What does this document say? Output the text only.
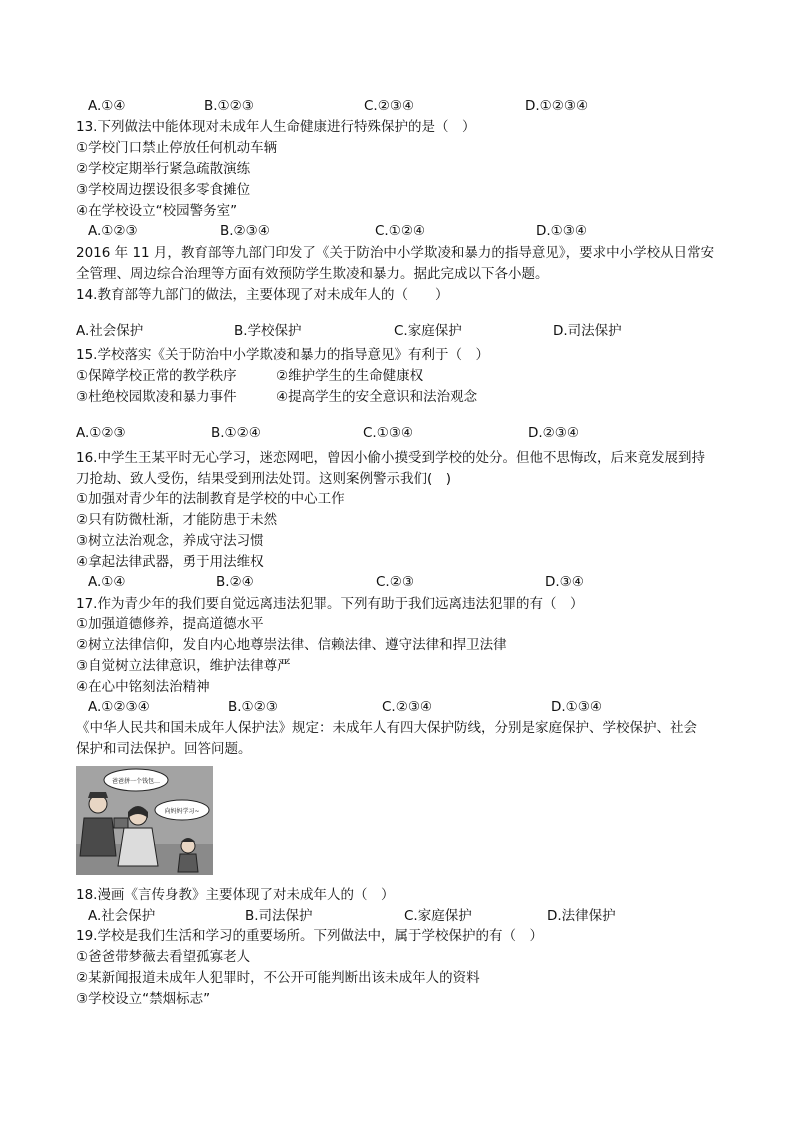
A.①④	B.①②③	C.②③④	D.①②③④
13.下列做法中能体现对未成年人生命健康进行特殊保护的是（　）
①学校门口禁止停放任何机动车辆
②学校定期举行紧急疏散演练
③学校周边摆设很多零食摊位
④在学校设立“校园警务室”
A.①②③	B.②③④	C.①②④	D.①③④
2016 年 11 月，教育部等九部门印发了《关于防治中小学欺凌和暴力的指导意见》，要求中小学校从日常安
全管理、周边综合治理等方面有效预防学生欺凌和暴力。据此完成以下各小题。
14.教育部等九部门的做法，主要体现了对未成年人的（　　）
A.社会保护	B.学校保护	C.家庭保护	D.司法保护
15.学校落实《关于防治中小学欺凌和暴力的指导意见》有利于（　）
①保障学校正常的教学秩序	②维护学生的生命健康权
③杜绝校园欺凌和暴力事件	④提高学生的安全意识和法治观念
A.①②③	B.①②④	C.①③④	D.②③④
16.中学生王某平时无心学习，迷恋网吧，曾因小偷小摸受到学校的处分。但他不思悔改，后来竟发展到持
刀抢劫、致人受伤，结果受到刑法处罚。这则案例警示我们(　)
①加强对青少年的法制教育是学校的中心工作
②只有防微杜渐，才能防患于未然
③树立法治观念，养成守法习惯
④拿起法律武器，勇于用法维权
A.①④	B.②④	C.②③	D.③④
17.作为青少年的我们要自觉远离违法犯罪。下列有助于我们远离违法犯罪的有（　）
①加强道德修养，提高道德水平
②树立法律信仰，发自内心地尊崇法律、信赖法律、遵守法律和捍卫法律
③自觉树立法律意识，维护法律尊严
④在心中铭刻法治精神
A.①②③④	B.①②③	C.②③④	D.①③④
《中华人民共和国未成年人保护法》规定：未成年人有四大保护防线，分别是家庭保护、学校保护、社会
保护和司法保护。回答问题。
爸爸拼一个钱包…
向妈妈学习~
18.漫画《言传身教》主要体现了对未成年人的（　）
A.社会保护	B.司法保护	C.家庭保护	D.法律保护
19.学校是我们生活和学习的重要场所。下列做法中，属于学校保护的有（　）
①爸爸带梦薇去看望孤寡老人
②某新闻报道未成年人犯罪时，不公开可能判断出该未成年人的资料
③学校设立“禁烟标志”
